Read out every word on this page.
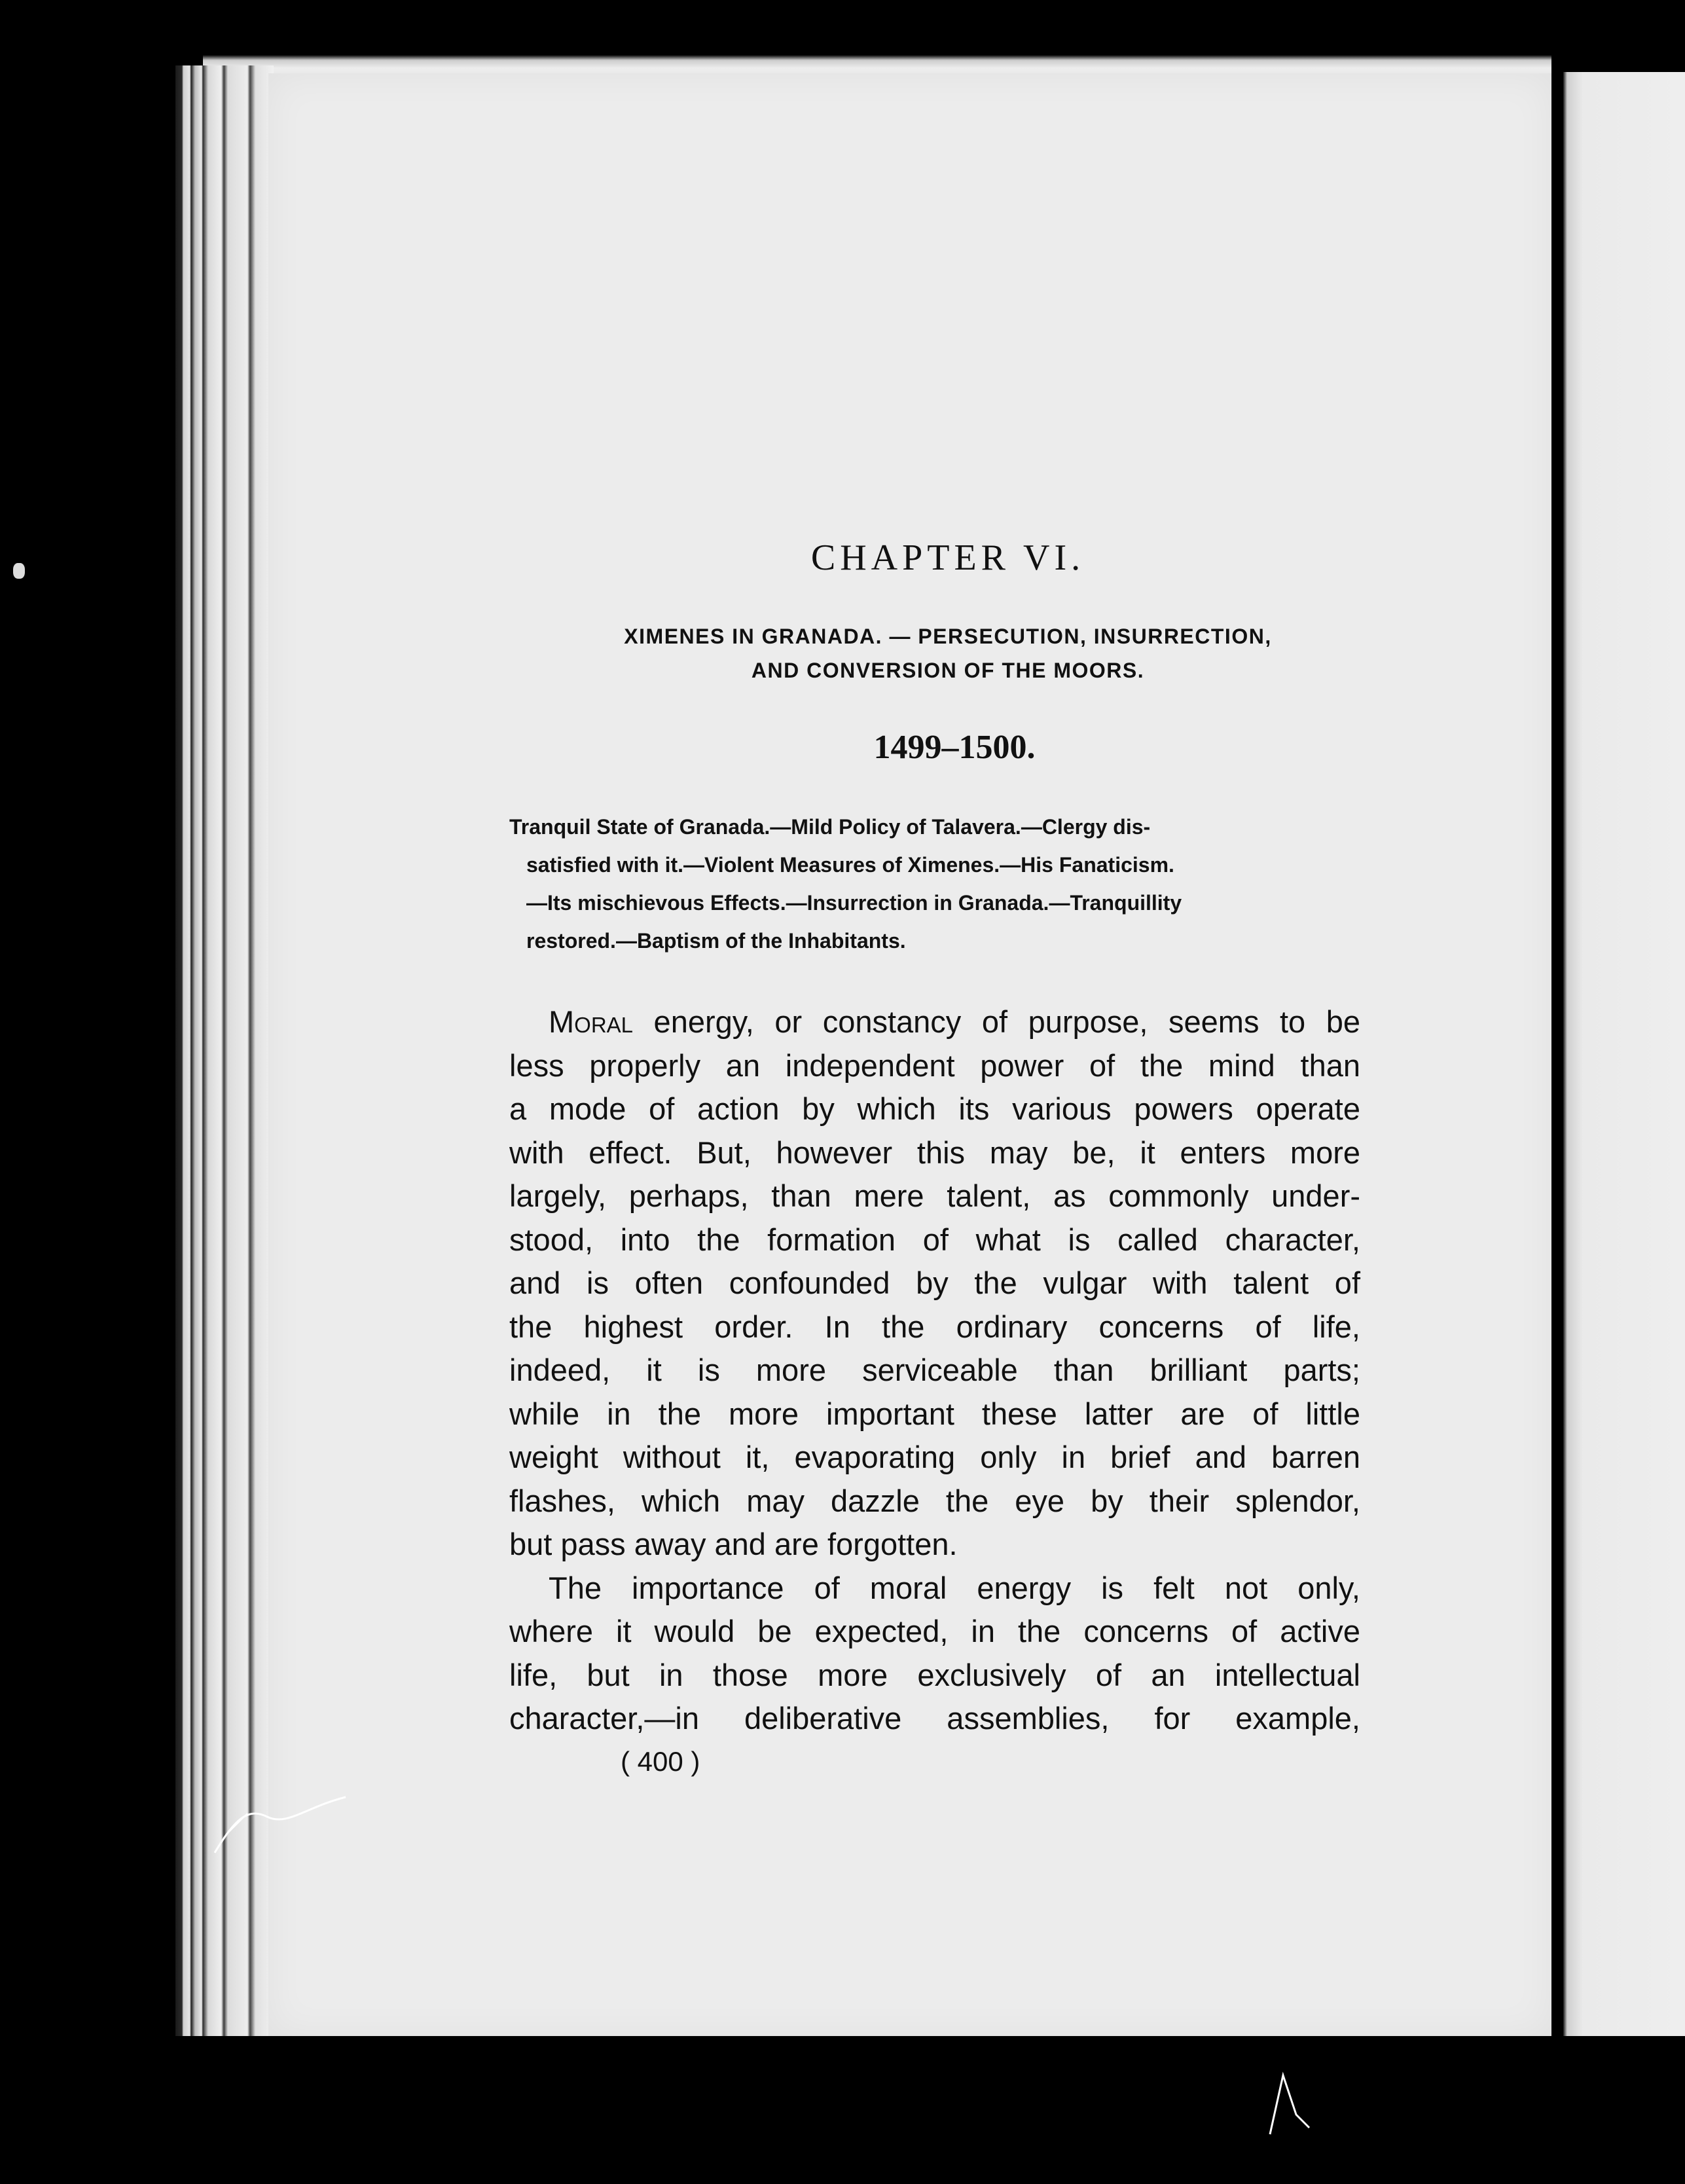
CHAPTER VI.
XIMENES IN GRANADA. — PERSECUTION, INSURRECTION,
AND CONVERSION OF THE MOORS.
1499–1500.
Tranquil State of Granada.—Mild Policy of Talavera.—Clergy dis-
satisfied with it.—Violent Measures of Ximenes.—His Fanaticism.
—Its mischievous Effects.—Insurrection in Granada.—Tranquillity
restored.—Baptism of the Inhabitants.
Moral energy, or constancy of purpose, seems to be
less properly an independent power of the mind than
a mode of action by which its various powers operate
with effect. But, however this may be, it enters more
largely, perhaps, than mere talent, as commonly under-
stood, into the formation of what is called character,
and is often confounded by the vulgar with talent of
the highest order. In the ordinary concerns of life,
indeed, it is more serviceable than brilliant parts;
while in the more important these latter are of little
weight without it, evaporating only in brief and barren
flashes, which may dazzle the eye by their splendor,
but pass away and are forgotten.
The importance of moral energy is felt not only,
where it would be expected, in the concerns of active
life, but in those more exclusively of an intellectual
character,—in deliberative assemblies, for example,
( 400 )
